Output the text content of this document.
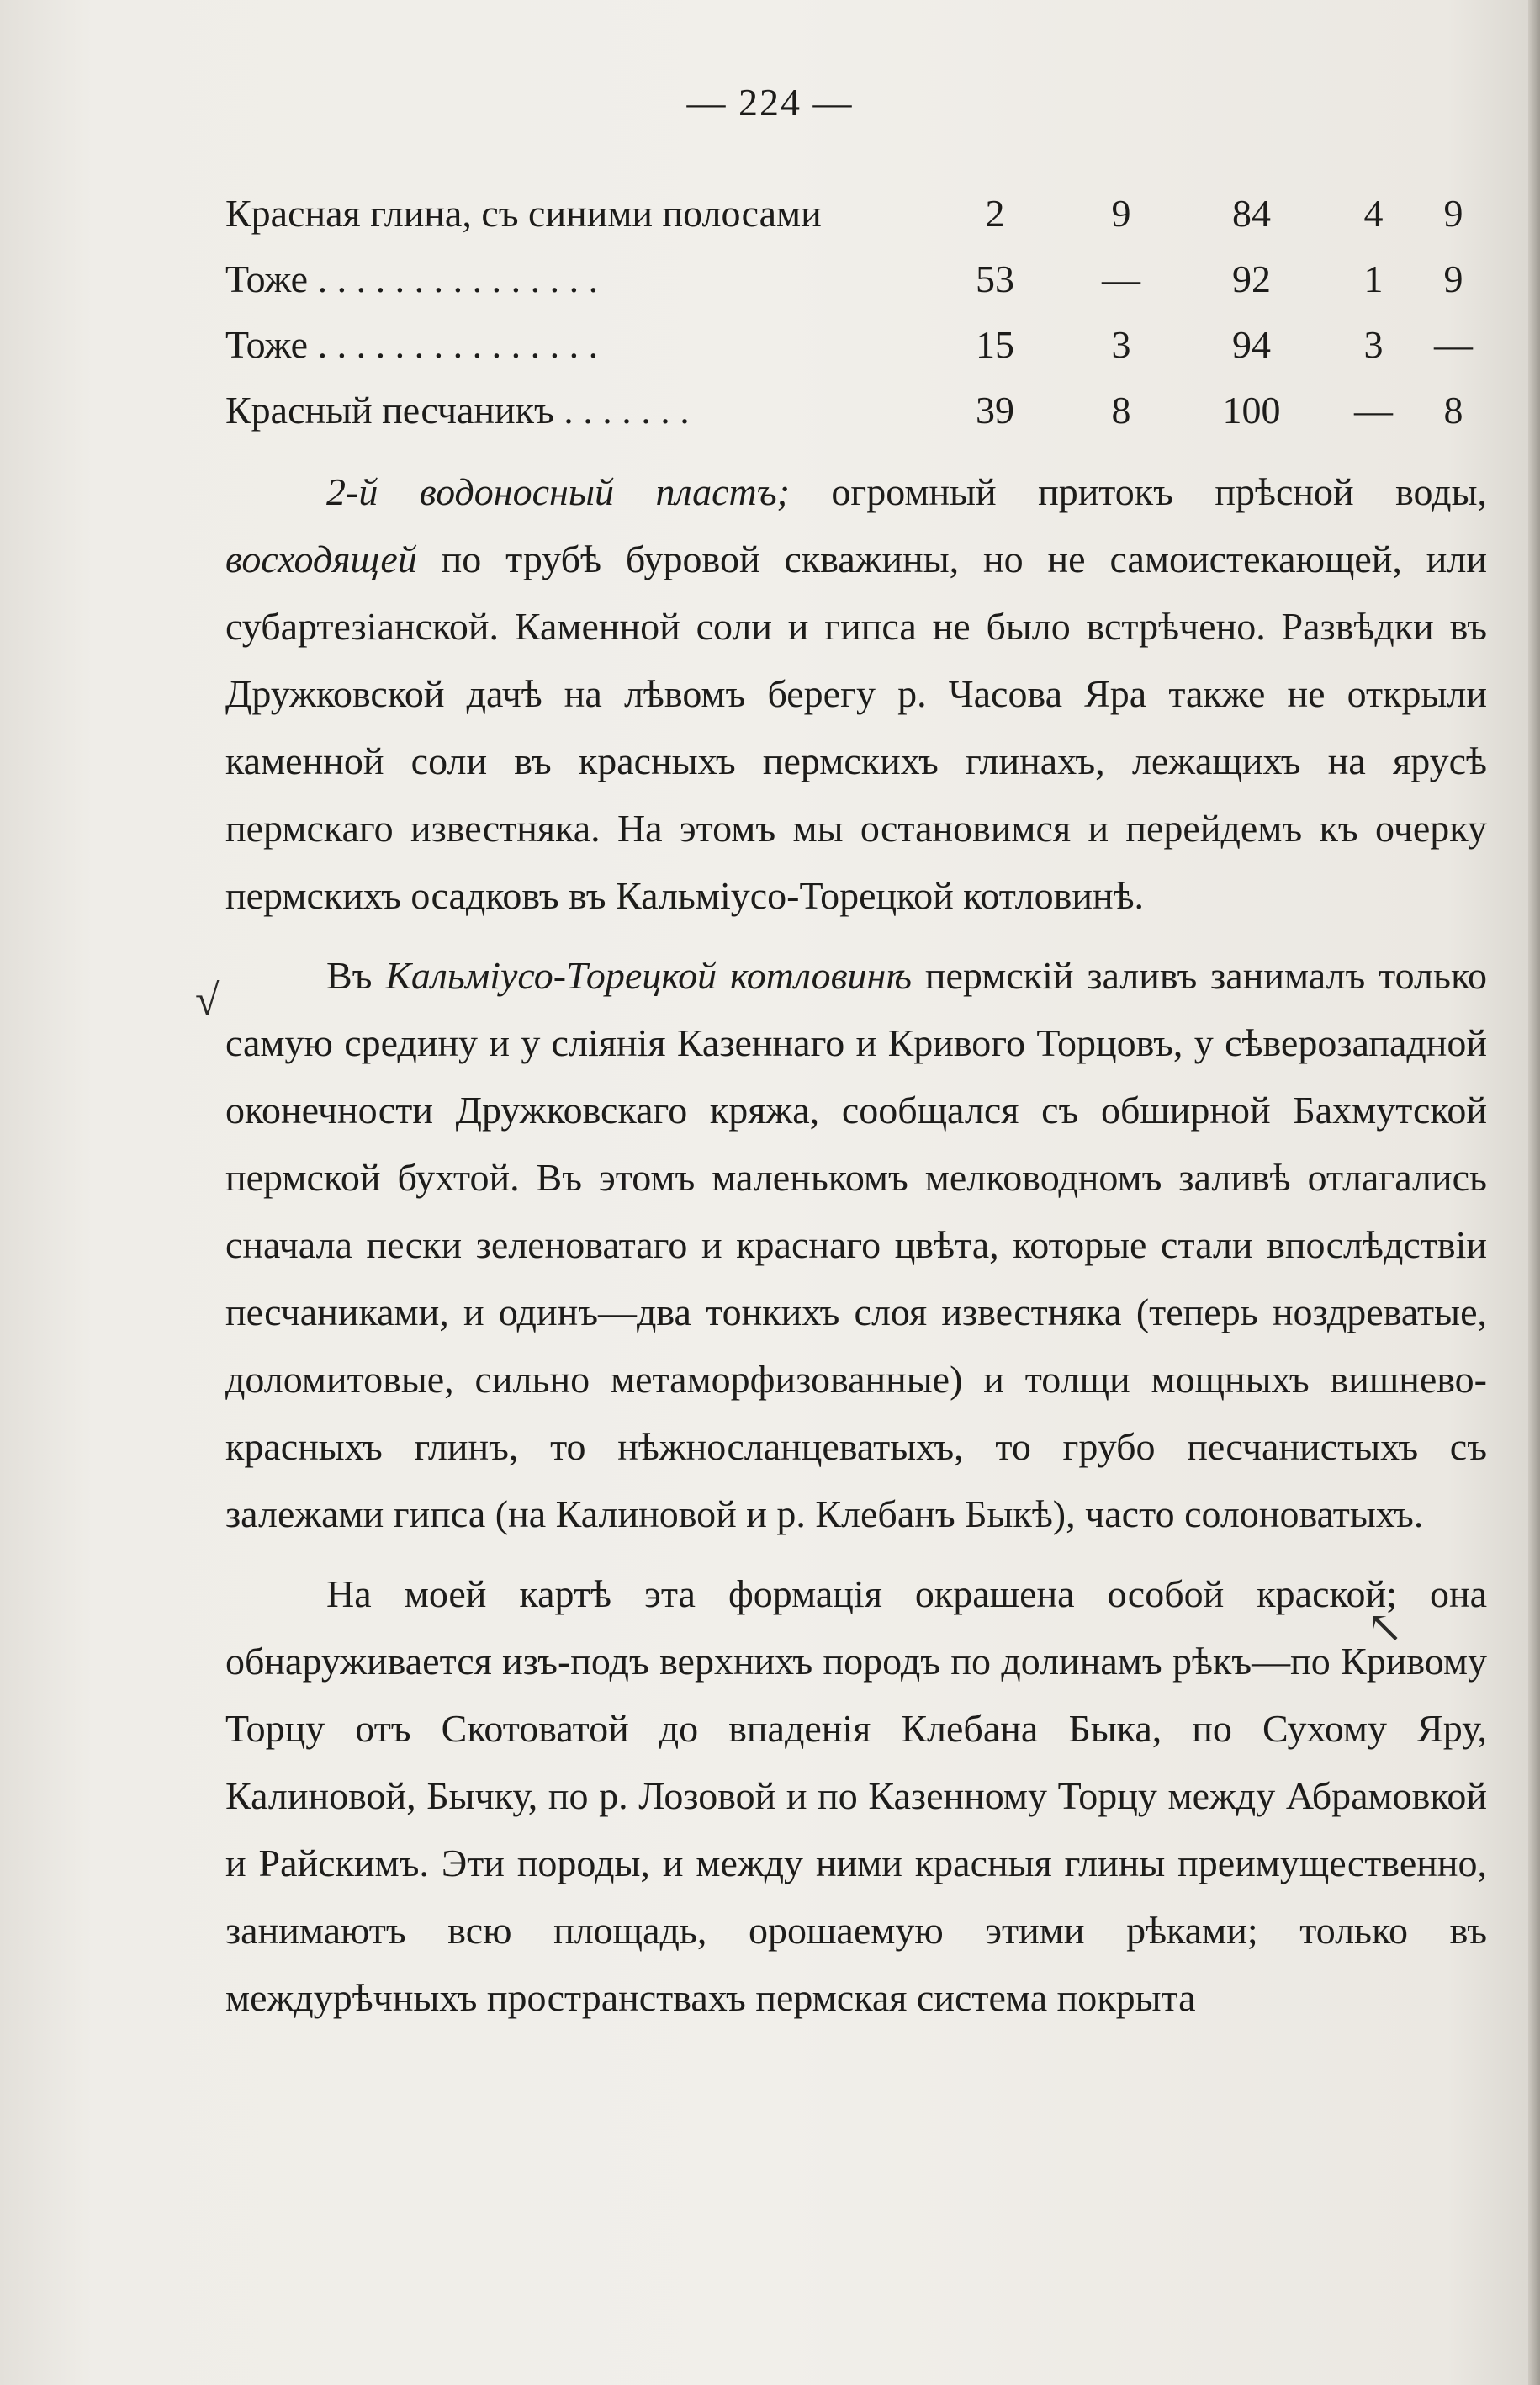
— 224 —
Красная глина, съ синими полосами	2	9	84	4	9
Тоже . . . . . . . . . . . . . . .	53	—	92	1	9
Тоже . . . . . . . . . . . . . . .	15	3	94	3	—
Красный песчаникъ . . . . . . .	39	8	100	—	8
2-й водоносный пластъ; огромный притокъ прѣсной воды, восходящей по трубѣ буровой скважины, но не самоистекающей, или субартезіанской. Каменной соли и гипса не было встрѣчено. Развѣдки въ Дружковской дачѣ на лѣвомъ берегу р. Часова Яра также не открыли каменной соли въ красныхъ пермскихъ глинахъ, лежащихъ на ярусѣ пермскаго известняка. На этомъ мы остановимся и перейдемъ къ очерку пермскихъ осадковъ въ Кальміусо-Торецкой котловинѣ.
Въ Кальміусо-Торецкой котловинѣ пермскій заливъ занималъ только самую средину и у сліянія Казеннаго и Кривого Торцовъ, у сѣверозападной оконечности Дружковскаго кряжа, сообщался съ обширной Бахмутской пермской бухтой. Въ этомъ маленькомъ мелководномъ заливѣ отлагались сначала пески зеленоватаго и краснаго цвѣта, которые стали впослѣдствіи песчаниками, и одинъ—два тонкихъ слоя известняка (теперь ноздреватые, доломитовые, сильно метаморфизованные) и толщи мощныхъ вишнево-красныхъ глинъ, то нѣжносланцеватыхъ, то грубо песчанистыхъ съ залежами гипса (на Калиновой и р. Клебанъ Быкѣ), часто солоноватыхъ.
На моей картѣ эта формація окрашена особой краской; она обнаруживается изъ-подъ верхнихъ породъ по долинамъ рѣкъ—по Кривому Торцу отъ Скотоватой до впаденія Клебана Быка, по Сухому Яру, Калиновой, Бычку, по р. Лозовой и по Казенному Торцу между Абрамовкой и Райскимъ. Эти породы, и между ними красныя глины преимущественно, занимаютъ всю площадь, орошаемую этими рѣками; только въ междурѣчныхъ пространствахъ пермская система покрыта
√
↖
